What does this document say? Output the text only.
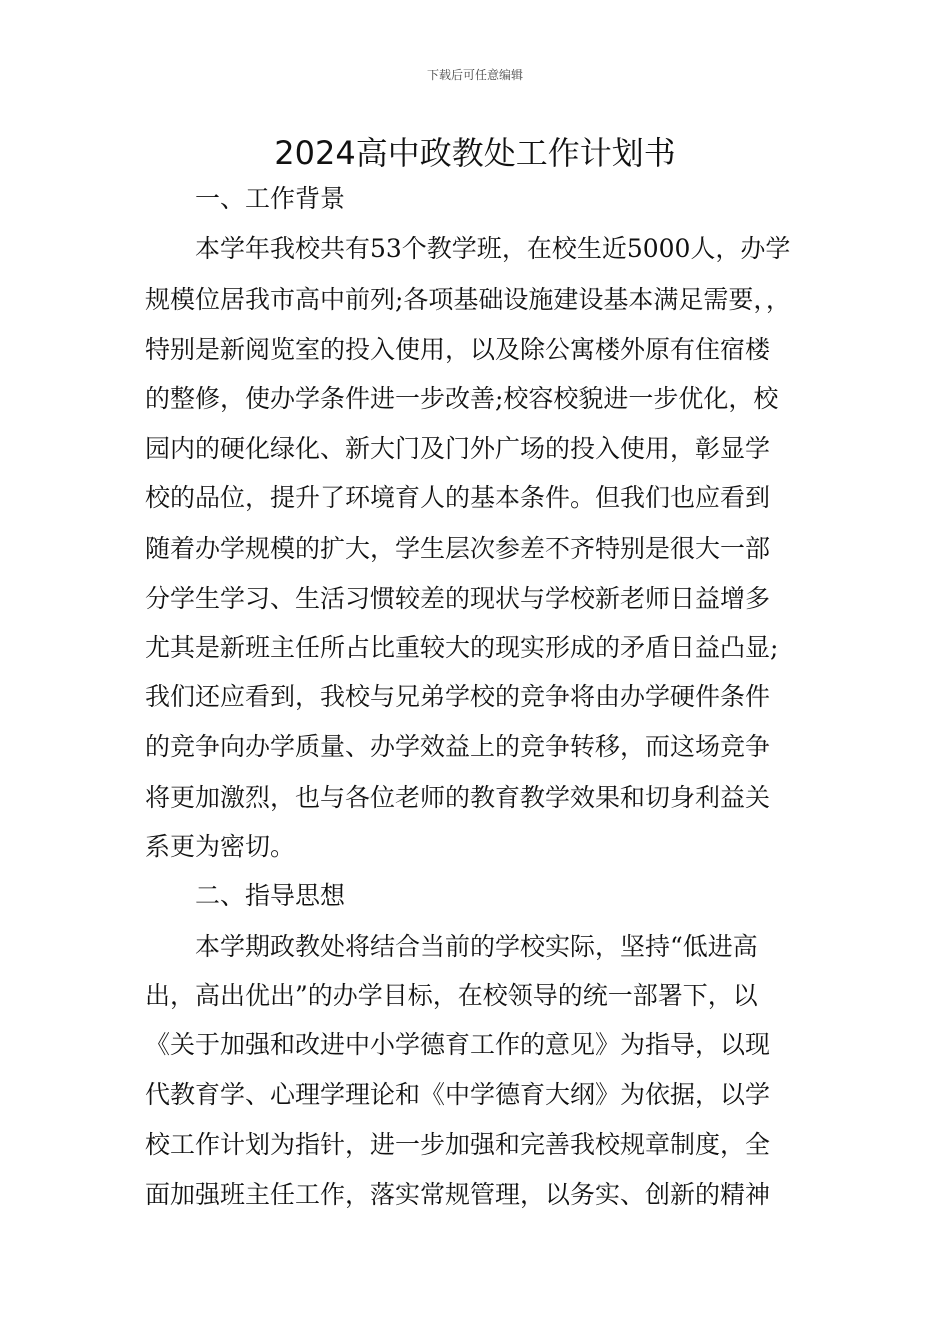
下载后可任意编辑
2024高中政教处工作计划书
一、工作背景
本学年我校共有53个教学班，在校生近5000人，办学
规模位居我市高中前列;各项基础设施建设基本满足需要，，
特别是新阅览室的投入使用，以及除公寓楼外原有住宿楼
的整修，使办学条件进一步改善;校容校貌进一步优化，校
园内的硬化绿化、新大门及门外广场的投入使用，彰显学
校的品位，提升了环境育人的基本条件。但我们也应看到
随着办学规模的扩大，学生层次参差不齐特别是很大一部
分学生学习、生活习惯较差的现状与学校新老师日益增多
尤其是新班主任所占比重较大的现实形成的矛盾日益凸显;
我们还应看到，我校与兄弟学校的竞争将由办学硬件条件
的竞争向办学质量、办学效益上的竞争转移，而这场竞争
将更加激烈，也与各位老师的教育教学效果和切身利益关
系更为密切。
二、指导思想
本学期政教处将结合当前的学校实际，坚持“低进高
出，高出优出”的办学目标，在校领导的统一部署下，以
《关于加强和改进中小学德育工作的意见》为指导，以现
代教育学、心理学理论和《中学德育大纲》为依据，以学
校工作计划为指针，进一步加强和完善我校规章制度，全
面加强班主任工作，落实常规管理，以务实、创新的精神
